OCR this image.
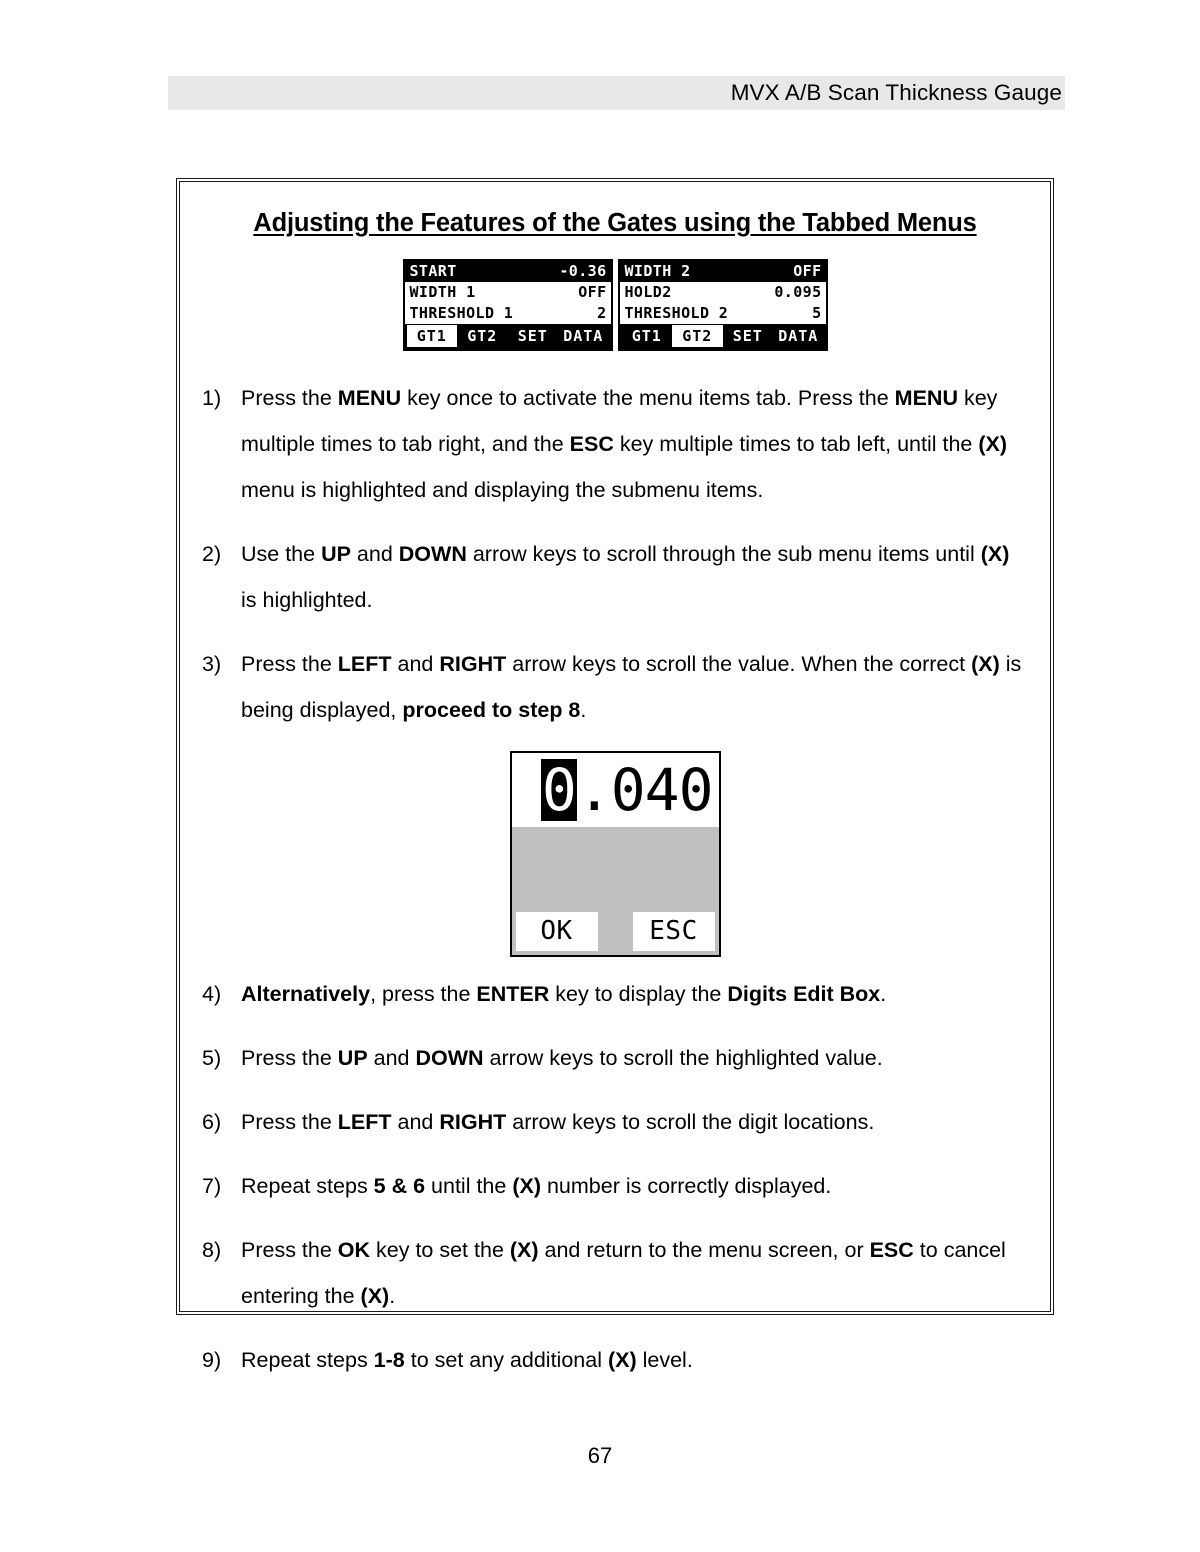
MVX A/B Scan Thickness Gauge
Adjusting the Features of the Gates using the Tabbed Menus
START	-0.36
WIDTH 1	OFF
THRESHOLD 1	2
GT1	GT2	SET	DATA
WIDTH 2	OFF
HOLD2	0.095
THRESHOLD 2	5
GT1	GT2	SET	DATA
1) Press the MENU key once to activate the menu items tab. Press the MENU key multiple times to tab right, and the ESC key multiple times to tab left, until the (X) menu is highlighted and displaying the submenu items.
2) Use the UP and DOWN arrow keys to scroll through the sub menu items until (X) is highlighted.
3) Press the LEFT and RIGHT arrow keys to scroll the value. When the correct (X) is being displayed, proceed to step 8.
0 .040
OK	ESC
4) Alternatively, press the ENTER key to display the Digits Edit Box.
5) Press the UP and DOWN arrow keys to scroll the highlighted value.
6) Press the LEFT and RIGHT arrow keys to scroll the digit locations.
7) Repeat steps 5 & 6 until the (X) number is correctly displayed.
8) Press the OK key to set the (X) and return to the menu screen, or ESC to cancel entering the (X).
9) Repeat steps 1-8 to set any additional (X) level.
67
